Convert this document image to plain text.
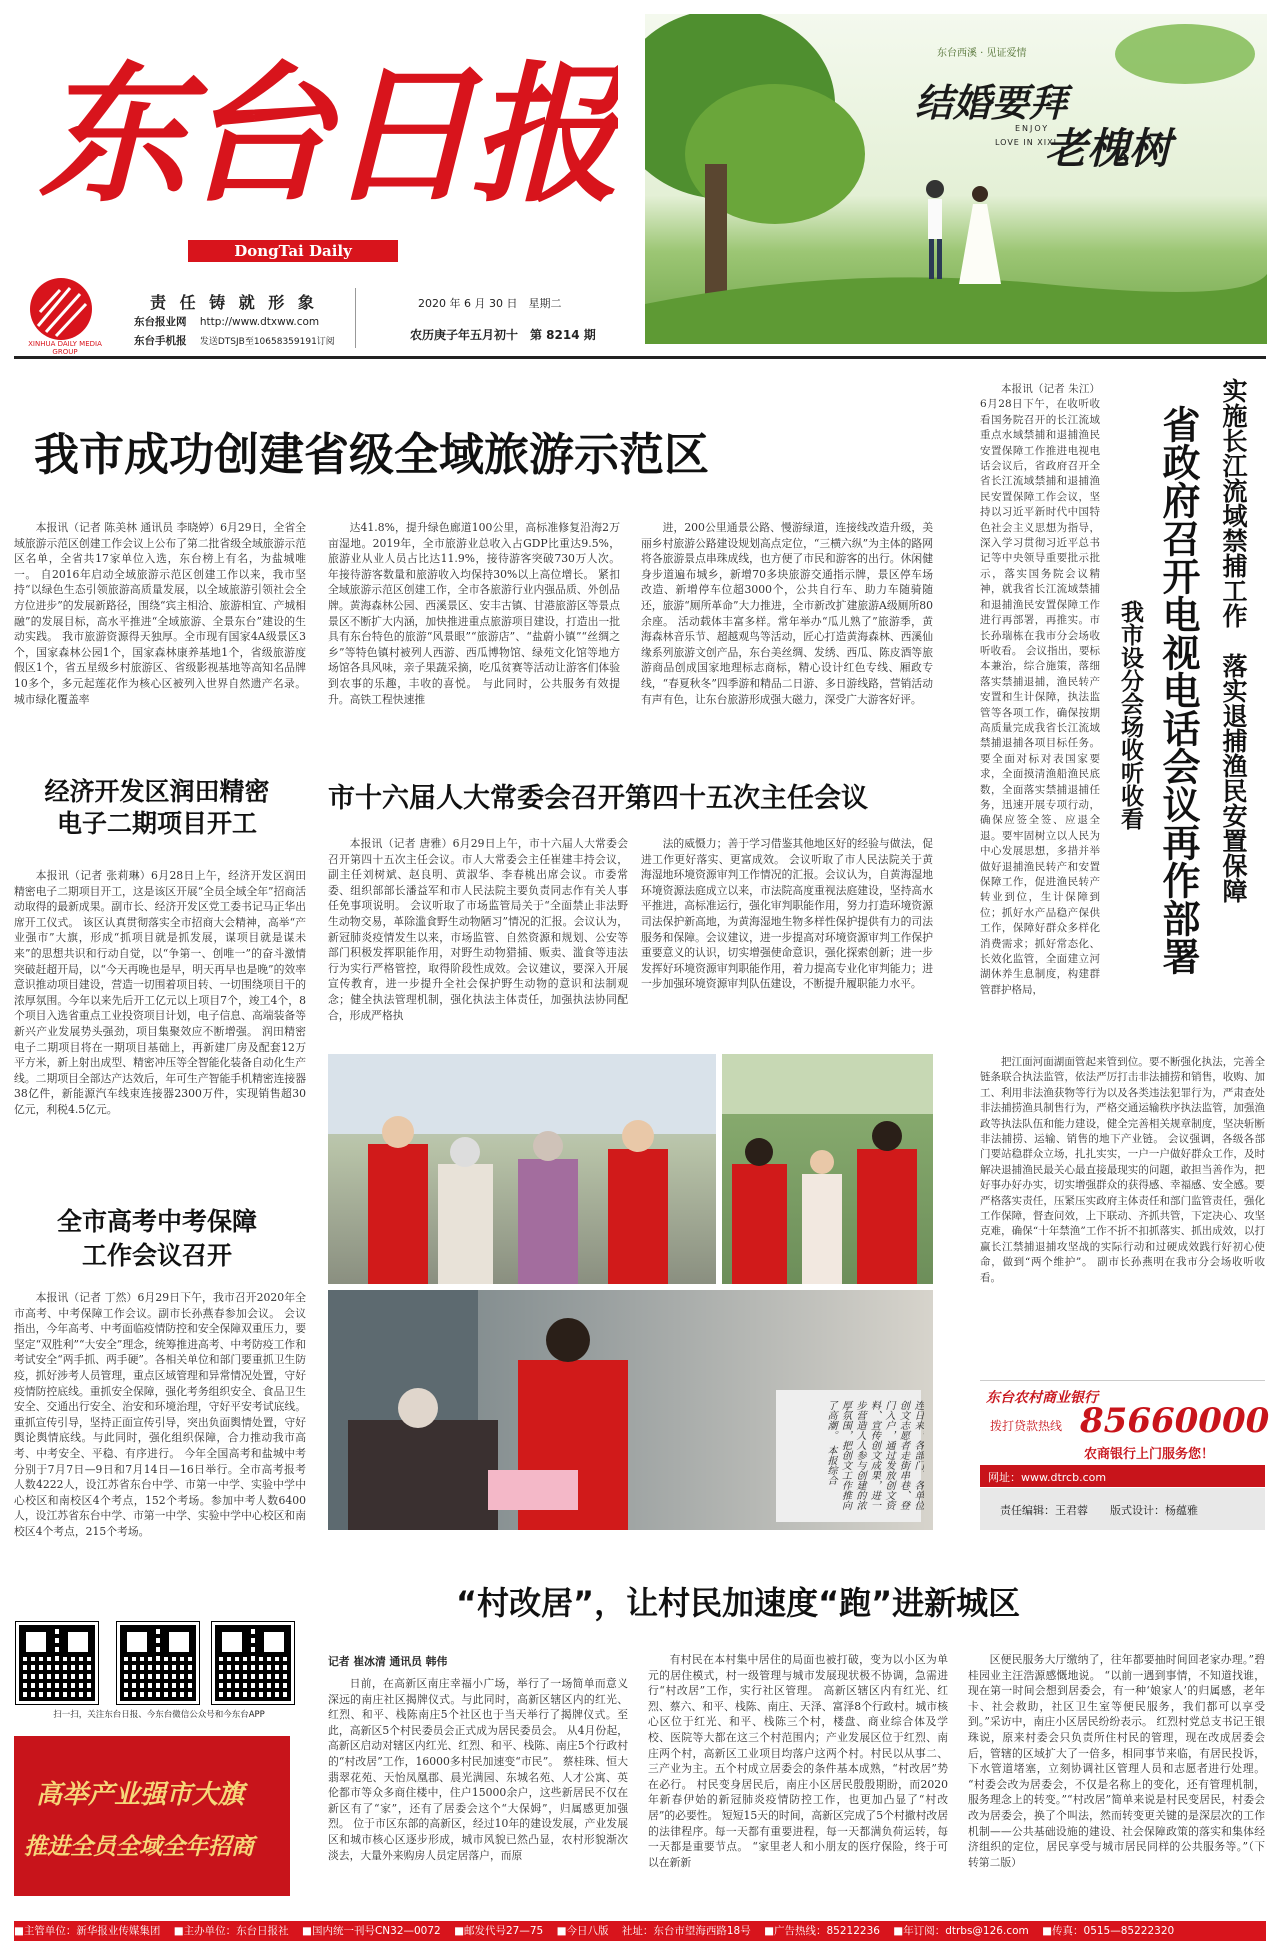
东台日报
DongTai Daily
XINHUA DAILY MEDIA GROUP
责 任 铸 就 形 象
东台报业网 http://www.dtxww.com
东台手机报 发送DTSJB至10658359191订阅
2020 年 6 月 30 日　星期二
农历庚子年五月初十　第 8214 期
东台西溪 · 见证爱情
结婚要拜
老槐树
ENJOY
LOVE IN XIXI
我市成功创建省级全域旅游示范区
本报讯（记者 陈美林 通讯员 李晓婷）6月29日，全省全域旅游示范区创建工作会议上公布了第二批省级全域旅游示范区名单，全省共17家单位入选，东台榜上有名，为盐城唯一。 自2016年启动全域旅游示范区创建工作以来，我市坚持“以绿色生态引领旅游高质量发展，以全域旅游引领社会全方位进步”的发展新路径，围绕“宾主相洽、旅游相宜、产城相融”的发展目标，高水平推进“全域旅游、全景东台”建设的生动实践。 我市旅游资源得天独厚。全市现有国家4A级景区3个，国家森林公园1个，国家森林康养基地1个，省级旅游度假区1个，省五星级乡村旅游区、省级影视基地等高知名品牌10多个，多元起莲花作为核心区被列入世界自然遗产名录。城市绿化覆盖率
达41.8%，提升绿色廊道100公里，高标准修复沿海2万亩湿地。2019年，全市旅游业总收入占GDP比重达9.5%，旅游业从业人员占比达11.9%，接待游客突破730万人次。年接待游客数量和旅游收入均保持30%以上高位增长。 紧扣全域旅游示范区创建工作，全市各旅游行业内强品质、外创品牌。黄海森林公园、西溪景区、安丰古镇、甘港旅游区等景点景区不断扩大内涵，加快推进重点旅游项目建设，打造出一批具有东台特色的旅游“风景眼”“旅游店”、“盐蔚小镇”“丝绸之乡”等特色镇村被列人西游、西瓜博物馆、绿苑文化馆等地方场馆各具风味，亲子果蔬采摘，吃瓜贫赛等活动让游客们体验到农事的乐趣，丰收的喜悦。 与此同时，公共服务有效提升。高铁工程快速推
进，200公里通景公路、慢游绿道，连接线改造升级，美丽乡村旅游公路建设规划高点定位，“三横六纵”为主体的路网将各旅游景点串珠成线，也方便了市民和游客的出行。休闲健身步道遍布城乡，新增70多块旅游交通指示牌，景区停车场改造、新增停车位超3000个，公共自行车、助力车随骑随还，旅游“厕所革命”大力推进，全市新改扩建旅游A级厕所80余座。 活动载体丰富多样。常年举办“瓜儿熟了”旅游季，黄海森林音乐节、超越观鸟等活动，匠心打造黄海森林、西溪仙缘系列旅游文创产品，东台美丝绸、发绣、西瓜、陈皮酒等旅游商品创成国家地理标志商标，精心设计红色专线、厢政专线，“春夏秋冬”四季游和精品二日游、多日游线路，营销活动有声有色，让东台旅游形成强大磁力，深受广大游客好评。
本报讯（记者 朱江）6月28日下午，在收听收看国务院召开的长江流域重点水域禁捕和退捕渔民安置保障工作推进电视电话会议后，省政府召开全省长江流域禁捕和退捕渔民安置保障工作会议，坚持以习近平新时代中国特色社会主义思想为指导，深入学习贯彻习近平总书记等中央领导重要批示批示，落实国务院会议精神，就我省长江流域禁捕和退捕渔民安置保障工作进行再部署，再推实。市长孙瑞栋在我市分会场收听收看。 会议指出，要标本兼治，综合施策，落细落实禁捕退捕，渔民转产安置和生计保障，执法监管等各项工作，确保按期高质量完成我省长江流域禁捕退捕各项目标任务。要全面对标对表国家要求，全面摸清渔船渔民底数，全面落实禁捕退捕任务，迅速开展专项行动，确保应签全签、应退全退。要牢固树立以人民为中心发展思想，多措并举做好退捕渔民转产和安置保障工作，促进渔民转产转业到位，生计保障到位；抓好水产品稳产保供工作，保障好群众多样化消费需求；抓好常态化、长效化监管，全面建立河湖休养生息制度，构建群管群护格局，
实施长江流域禁捕工作　落实退捕渔民安置保障
省政府召开电视电话会议再作部署
我市设分会场收听收看
把江面河面湖面管起来管到位。要不断强化执法，完善全链条联合执法监管，依法严厉打击非法捕捞和销售，收购、加工、利用非法渔获物等行为以及各类违法犯罪行为，严肃查处非法捕捞渔具制售行为，严格交通运输秩序执法监管，加强渔政等执法队伍和能力建设，健全完善相关规章制度，坚决斩断非法捕捞、运输、销售的地下产业链。 会议强调，各级各部门要站稳群众立场，扎扎实实，一户一户做好群众工作，及时解决退捕渔民最关心最直接最现实的问题，敢担当善作为，把好事办好办实，切实增强群众的获得感、幸福感、安全感。要严格落实责任，压紧压实政府主体责任和部门监管责任，强化工作保障，督查问效，上下联动、齐抓共管，下定决心、攻坚克难，确保“十年禁渔”工作不折不扣抓落实、抓出成效，以打赢长江禁捕退捕攻坚战的实际行动和过硬成效践行好初心使命，做到“两个维护”。 副市长孙燕明在我市分会场收听收看。
经济开发区润田精密
电子二期项目开工
本报讯（记者 张莉琳）6月28日上午，经济开发区润田精密电子二期项目开工，这是该区开展“全员全域全年”招商活动取得的最新成果。副市长、经济开发区党工委书记马正华出席开工仪式。 该区认真贯彻落实全市招商大会精神，高举“产业强市”大旗，形成“抓项目就是抓发展，谋项目就是谋未来”的思想共识和行动自觉，以“争第一、创唯一”的奋斗激情突破赶超开局，以“今天再晚也是早，明天再早也是晚”的效率意识推动项目建设，营造一切围着项目转、一切围绕项目干的浓厚氛围。今年以来先后开工亿元以上项目7个，竣工4个，8个项目入选省重点工业投资项目计划，电子信息、高端装备等新兴产业发展势头强劲，项目集聚效应不断增强。 润田精密电子二期项目将在一期项目基础上，再新建厂房及配套12万平方米，新上射出成型、精密冲压等全智能化装备自动化生产线。二期项目全部达产达效后，年可生产智能手机精密连接器38亿件，新能源汽车线束连接器2300万件，实现销售超30亿元，利税4.5亿元。
市十六届人大常委会召开第四十五次主任会议
本报讯（记者 唐雅）6月29日上午，市十六届人大常委会召开第四十五次主任会议。市人大常委会主任崔建丰持会议，副主任刘树斌、赵良明、黄淑华、李春桃出席会议。市委常委、组织部部长潘益军和市人民法院主要负责同志作有关人事任免事项说明。 会议听取了市场监管局关于“全面禁止非法野生动物交易，革除滥食野生动物陋习”情况的汇报。会议认为，新冠肺炎疫情发生以来，市场监管、自然资源和规划、公安等部门积极发挥职能作用，对野生动物猎捕、贩卖、滥食等违法行为实行严格管控，取得阶段性成效。会议建议，要深入开展宣传教育，进一步提升全社会保护野生动物的意识和法制观念；健全执法管理机制，强化执法主体责任，加强执法协同配合，形成严格执
法的威慑力；善于学习借鉴其他地区好的经验与做法，促进工作更好落实、更富成效。 会议听取了市人民法院关于黄海湿地环境资源审判工作情况的汇报。会议认为，自黄海湿地环境资源法庭成立以来，市法院高度重视法庭建设，坚持高水平推进，高标准运行，强化审判职能作用，努力打造环境资源司法保护新高地，为黄海湿地生物多样性保护提供有力的司法服务和保障。会议建议，进一步提高对环境资源审判工作保护重要意义的认识，切实增强使命意识，强化探索创新；进一步发挥好环境资源审判职能作用，着力提高专业化审判能力；进一步加强环境资源审判队伍建设，不断提升履职能力水平。
连日来，各部门、各单位创文志愿者走街串巷、登门入户，通过发放创文资料、宣传创文成果，进一步营造人人参与创建的浓厚氛围，把创文工作推向了高潮。　本报综合
全市高考中考保障
工作会议召开
本报讯（记者 丁然）6月29日下午，我市召开2020年全市高考、中考保障工作会议。副市长孙燕春参加会议。 会议指出，今年高考、中考面临疫情防控和安全保障双重压力，要坚定“双胜利”“大安全”理念，统筹推进高考、中考防疫工作和考试安全“两手抓、两手硬”。各相关单位和部门要重抓卫生防疫，抓好涉考人员管理，重点区域管理和异常情况处置，守好疫情防控底线。重抓安全保障，强化考务组织安全、食品卫生安全、交通出行安全、治安和环境治理，守好平安考试底线。重抓宣传引导，坚持正面宣传引导，突出负面舆情处置，守好舆论舆情底线。与此同时，强化组织保障，合力推动我市高考、中考安全、平稳、有序进行。 今年全国高考和盐城中考分别于7月7日—9日和7月14日—16日举行。全市高考报考人数4222人，设江苏省东台中学、市第一中学、实验中学中心校区和南校区4个考点，152个考场。参加中考人数6400人，设江苏省东台中学、市第一中学、实验中学中心校区和南校区4个考点，215个考场。
扫一扫，关注东台日报、今东台微信公众号和今东台APP
高举产业强市大旗
推进全员全域全年招商
“村改居”，让村民加速度“跑”进新城区
记者 崔冰清 通讯员 韩伟
日前，在高新区南庄幸福小广场，举行了一场简单而意义深远的南庄社区揭牌仪式。与此同时，高新区辖区内的红光、红烈、和平、栈陈南庄5个社区也于当天举行了揭牌仪式。至此，高新区5个村民委员会正式成为居民委员会。 从4月份起，高新区启动对辖区内红光、红烈、和平、栈陈、南庄5个行政村的“村改居”工作，16000多村民加速变“市民”。 蔡桂珠、恒大翡翠花苑、天怡凤凰郡、晨光满园、东城名苑、人才公寓、英伦都市等众多商住楼中，住户15000余户，这些新居民不仅在新区有了“家”，还有了居委会这个“大保姆”，归属感更加强烈。 位于市区东部的高新区，经过10年的建设发展，产业发展区和城市核心区逐步形成，城市风貌已然凸显，农村形貌渐次淡去，大量外来购房人员定居落户，而原
有村民在本村集中居住的局面也被打破，变为以小区为单元的居住模式，村一级管理与城市发展现状极不协调，急需进行“村改居”工作，实行社区管理。 高新区辖区内有红光、红烈、蔡六、和平、栈陈、南庄、天泽、富泽8个行政村。城市核心区位于红光、和平、栈陈三个村，楼盘、商业综合体及学校、医院等大都在这三个村范围内；产业发展区位于红烈、南庄两个村，高新区工业项目均落户这两个村。村民以从事二、三产业为主。五个村成立居委会的条件基本成熟，“村改居”势在必行。 村民变身居民后，南庄小区居民殷殷期盼，而2020年新春伊始的新冠肺炎疫情防控工作，也更加凸显了“村改居”的必要性。 短短15天的时间，高新区完成了5个村撤村改居的法律程序。每一天都有重要进程，每一天都满负荷运转，每一天都是重要节点。 “家里老人和小朋友的医疗保险，终于可以在新新
区便民服务大厅缴纳了，往年都要抽时间回老家办理。”碧桂园业主汪浩源感慨地说。 “以前一遇到事情，不知道找谁，现在第一时间会想到居委会，有一种‘娘家人’的归属感，老年卡、社会救助，社区卫生室等便民服务，我们都可以享受到。”采访中，南庄小区居民纷纷表示。 红烈村党总支书记王银珠说，原来村委会只负责所住村民的管理，现在改成居委会后，管辖的区域扩大了一倍多，相同事节来临，有居民投诉，下水管道堵塞，立刻协调社区管理人员和志愿者进行处理。 “村委会改为居委会，不仅是名称上的变化，还有管理机制，服务理念上的转变。”“村改居”简单来说是村民变居民，村委会改为居委会，换了个叫法，然而转变更关键的是深层次的工作机制——公共基础设施的建设、社会保障政策的落实和集体经济组织的定位，居民享受与城市居民同样的公共服务等。”（下转第二版）
东台农村商业银行
拨打贷款热线 85660000
农商银行上门服务您！
网址：www.dtrcb.com
责任编辑：王君蓉　　版式设计：杨蕴雅
■主管单位：新华报业传媒集团 ■主办单位：东台日报社 ■国内统一刊号CN32—0072 ■邮发代号27—75 ■今日八版 社址：东台市望海西路18号 ■广告热线：85212236 ■年订阅：dtrbs@126.com ■传真：0515—85222320
